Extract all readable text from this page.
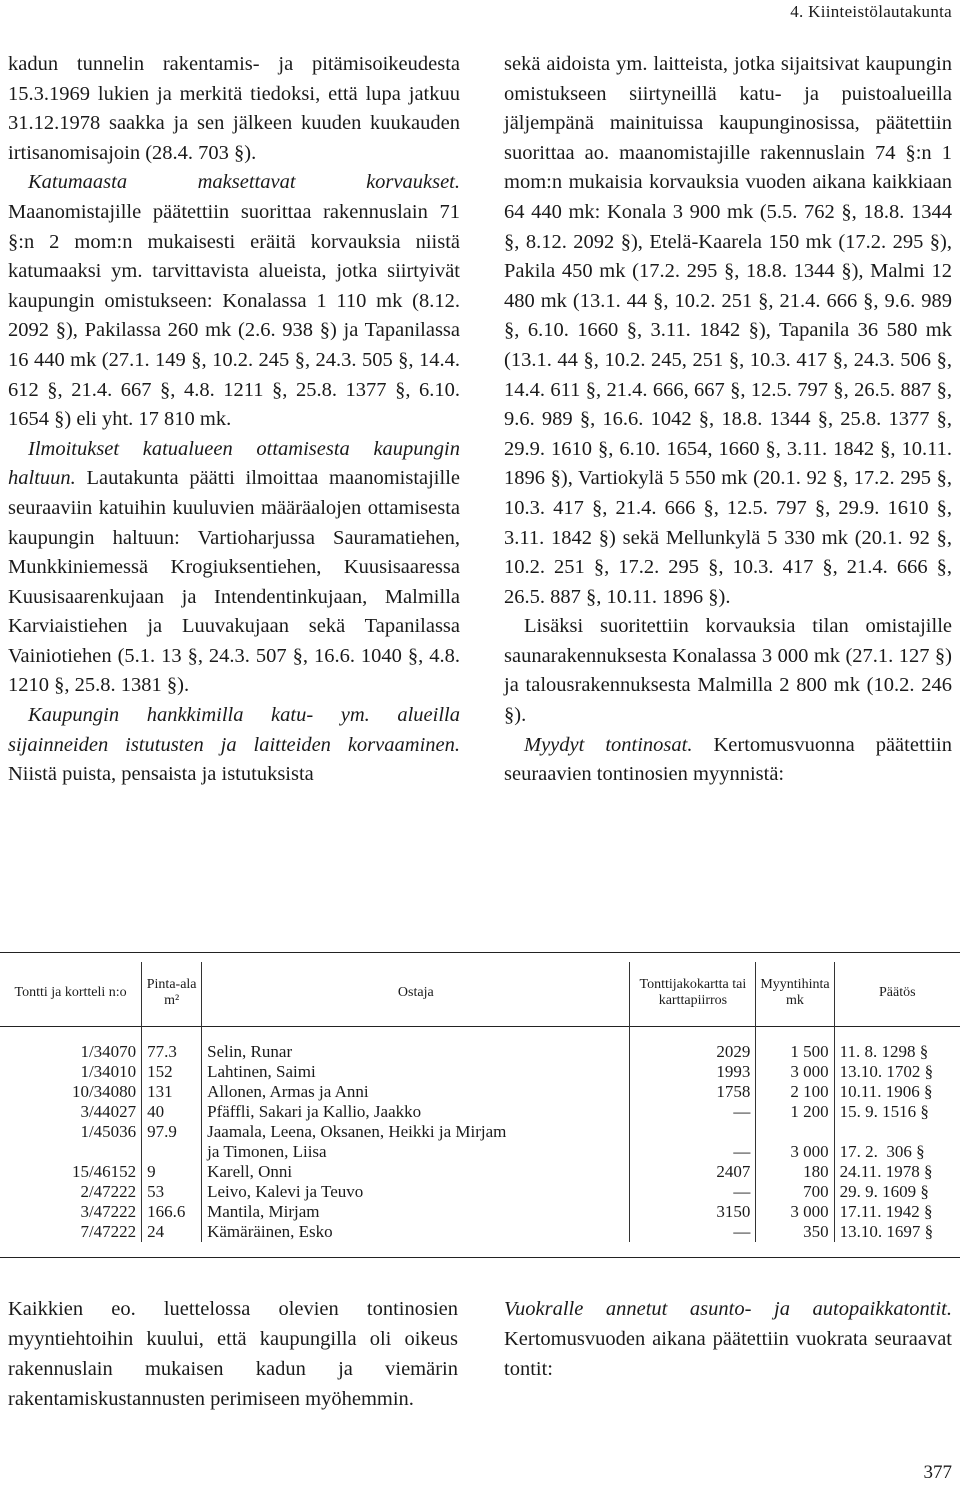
4. Kiinteistölautakunta

kadun tunnelin rakentamis- ja pitämisoikeudesta 15.3.1969 lukien ja merkitä tiedoksi, että lupa jatkuu 31.12.1978 saakka ja sen jälkeen kuuden kuukauden irtisanomisajoin (28.4. 703 §).

Katumaasta maksettavat korvaukset. Maanomistajille päätettiin suorittaa rakennuslain 71 §:n 2 mom:n mukaisesti eräitä korvauksia niistä katumaaksi ym. tarvittavista alueista, jotka siirtyivät kaupungin omistukseen: Konalassa 1 110 mk (8.12. 2092 §), Pakilassa 260 mk (2.6. 938 §) ja Tapanilassa 16 440 mk (27.1. 149 §, 10.2. 245 §, 24.3. 505 §, 14.4. 612 §, 21.4. 667 §, 4.8. 1211 §, 25.8. 1377 §, 6.10. 1654 §) eli yht. 17 810 mk.

Ilmoitukset katualueen ottamisesta kaupungin haltuun. Lautakunta päätti ilmoittaa maanomistajille seuraaviin katuihin kuuluvien määräalojen ottamisesta kaupungin haltuun: Vartioharjussa Sauramatiehen, Munkkiniemessä Krogiuksentiehen, Kuusisaaressa Kuusisaarenkujaan ja Intendentinkujaan, Malmilla Karviaistiehen ja Luuvakujaan sekä Tapanilassa Vainiotiehen (5.1. 13 §, 24.3. 507 §, 16.6. 1040 §, 4.8. 1210 §, 25.8. 1381 §).

Kaupungin hankkimilla katu- ym. alueilla sijainneiden istutusten ja laitteiden korvaaminen. Niistä puista, pensaista ja istutuksista

sekä aidoista ym. laitteista, jotka sijaitsivat kaupungin omistukseen siirtyneillä katu- ja puistoalueilla jäljempänä mainituissa kaupunginosissa, päätettiin suorittaa ao. maanomistajille rakennuslain 74 §:n 1 mom:n mukaisia korvauksia vuoden aikana kaikkiaan 64 440 mk: Konala 3 900 mk (5.5. 762 §, 18.8. 1344 §, 8.12. 2092 §), Etelä-Kaarela 150 mk (17.2. 295 §), Pakila 450 mk (17.2. 295 §, 18.8. 1344 §), Malmi 12 480 mk (13.1. 44 §, 10.2. 251 §, 21.4. 666 §, 9.6. 989 §, 6.10. 1660 §, 3.11. 1842 §), Tapanila 36 580 mk (13.1. 44 §, 10.2. 245, 251 §, 10.3. 417 §, 24.3. 506 §, 14.4. 611 §, 21.4. 666, 667 §, 12.5. 797 §, 26.5. 887 §, 9.6. 989 §, 16.6. 1042 §, 18.8. 1344 §, 25.8. 1377 §, 29.9. 1610 §, 6.10. 1654, 1660 §, 3.11. 1842 §, 10.11. 1896 §), Vartiokylä 5 550 mk (20.1. 92 §, 17.2. 295 §, 10.3. 417 §, 21.4. 666 §, 12.5. 797 §, 29.9. 1610 §, 3.11. 1842 §) sekä Mellunkylä 5 330 mk (20.1. 92 §, 10.2. 251 §, 17.2. 295 §, 10.3. 417 §, 21.4. 666 §, 26.5. 887 §, 10.11. 1896 §).

Lisäksi suoritettiin korvauksia tilan omistajille saunarakennuksesta Konalassa 3 000 mk (27.1. 127 §) ja talousrakennuksesta Malmilla 2 800 mk (10.2. 246 §).

Myydyt tontinosat. Kertomusvuonna päätettiin seuraavien tontinosien myynnistä:

Tontti ja kortteli n:o	Pinta-ala m²	Ostaja	Tonttijakokartta tai karttapiirros	Myyntihinta mk	Päätös

1/34070	77.3	Selin, Runar	2029	1 500	11. 8. 1298 §
1/34010	152	Lahtinen, Saimi	1993	3 000	13.10. 1702 §
10/34080	131	Allonen, Armas ja Anni	1758	2 100	10.11. 1906 §
3/44027	40	Pfäffli, Sakari ja Kallio, Jaakko	—	1 200	15. 9. 1516 §
1/45036	97.9	Jaamala, Leena, Oksanen, Heikki ja Mirjam			
		ja Timonen, Liisa	—	3 000	17. 2.  306 §
15/46152	9	Karell, Onni	2407	180	24.11. 1978 §
2/47222	53	Leivo, Kalevi ja Teuvo	—	700	29. 9. 1609 §
3/47222	166.6	Mantila, Mirjam	3150	3 000	17.11. 1942 §
7/47222	24	Kämäräinen, Esko	—	350	13.10. 1697 §

Kaikkien eo. luettelossa olevien tontinosien myyntiehtoihin kuului, että kaupungilla oli oikeus rakennuslain mukaisen kadun ja viemärin rakentamiskustannusten perimiseen myöhemmin.

Vuokralle annetut asunto- ja autopaikkatontit. Kertomusvuoden aikana päätettiin vuokrata seuraavat tontit:

377
